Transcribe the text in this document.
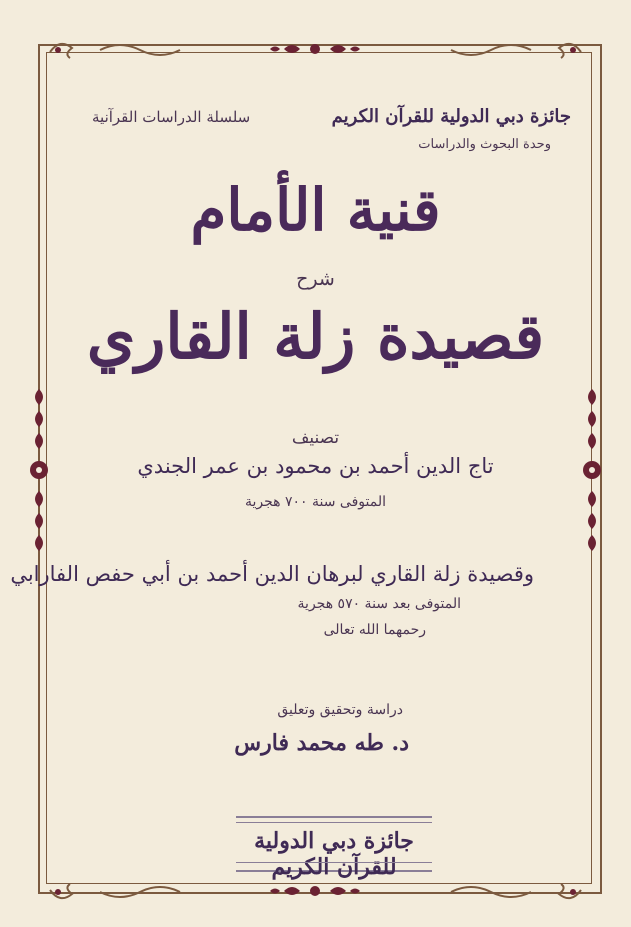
جائزة دبي الدولية للقرآن الكريم
وحدة البحوث والدراسات
سلسلة الدراسات القرآنية
قنية الأمام
شرح
قصيدة زلة القاري
تصنيف
تاج الدين أحمد بن محمود بن عمر الجندي
المتوفى سنة ٧٠٠ هجرية
وقصيدة زلة القاري لبرهان الدين أحمد بن أبي حفص الفارابي
المتوفى بعد سنة ٥٧٠ هجرية
رحمهما الله تعالى
دراسة وتحقيق وتعليق
د. طه محمد فارس
جائزة دبي الدولية للقرآن الكريم
